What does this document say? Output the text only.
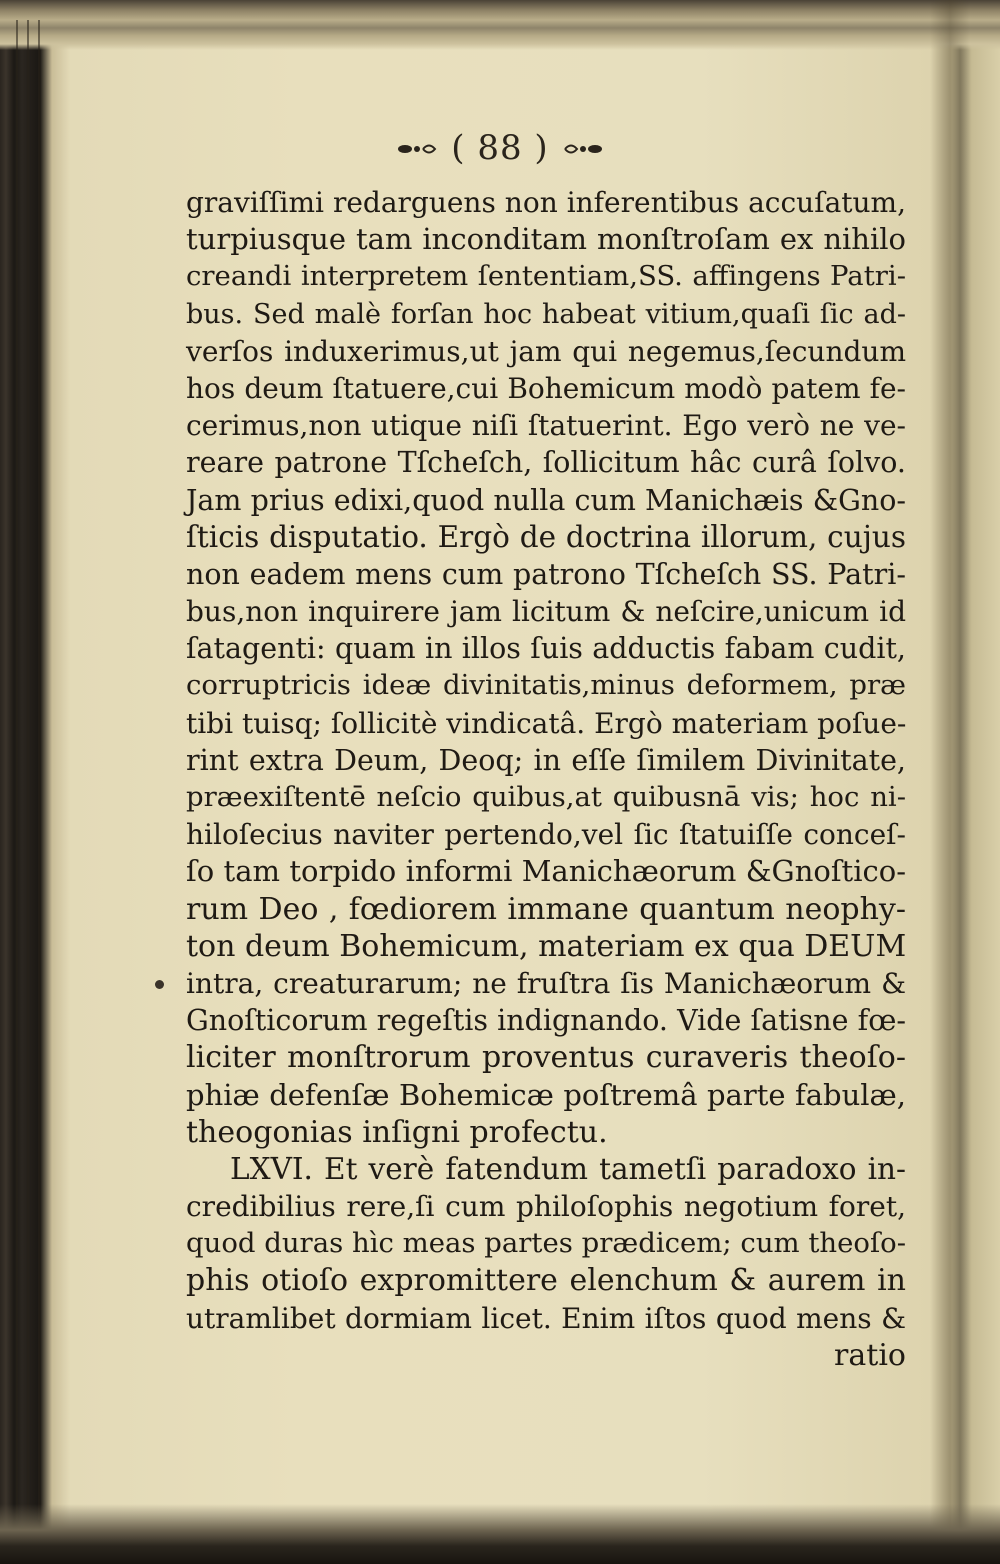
( 88 )
graviſſimi redarguens non inferentibus accuſatum,
turpiusque tam inconditam monſtroſam ex nihilo
creandi interpretem ſententiam,SS. affingens Patri-
bus. Sed malè forſan hoc habeat vitium,quaſi ſic ad-
verſos induxerimus,ut jam qui negemus,ſecundum
hos deum ſtatuere,cui Bohemicum modò patem fe-
cerimus,non utique niſi ſtatuerint. Ego verò ne ve-
reare patrone Tſcheſch, ſollicitum hâc curâ ſolvo.
Jam prius edixi,quod nulla cum Manichæis &Gno-
ſticis disputatio. Ergò de doctrina illorum, cujus
non eadem mens cum patrono Tſcheſch SS. Patri-
bus,non inquirere jam licitum & neſcire,unicum id
ſatagenti: quam in illos ſuis adductis fabam cudit,
corruptricis ideæ divinitatis,minus deformem, præ
tibi tuisq; ſollicitè vindicatâ. Ergò materiam poſue-
rint extra Deum, Deoq; in eſſe ſimilem Divinitate,
præexiſtentē neſcio quibus,at quibusnā vis; hoc ni-
hiloſecius naviter pertendo,vel ſic ſtatuiſſe conceſ-
ſo tam torpido informi Manichæorum &Gnoſtico-
rum Deo , fœdiorem immane quantum neophy-
ton deum Bohemicum, materiam ex qua DEUM
intra, creaturarum; ne fruſtra ſis Manichæorum &
Gnoſticorum regeſtis indignando. Vide ſatisne fœ-
liciter monſtrorum proventus curaveris theoſo-
phiæ defenſæ Bohemicæ poſtremâ parte fabulæ,
theogonias inſigni profectu.
LXVI. Et verè fatendum tametſi paradoxo in-
credibilius rere,ſi cum philoſophis negotium foret,
quod duras hìc meas partes prædicem; cum theoſo-
phis otioſo expromittere elenchum & aurem in
utramlibet dormiam licet. Enim iſtos quod mens &
ratio
